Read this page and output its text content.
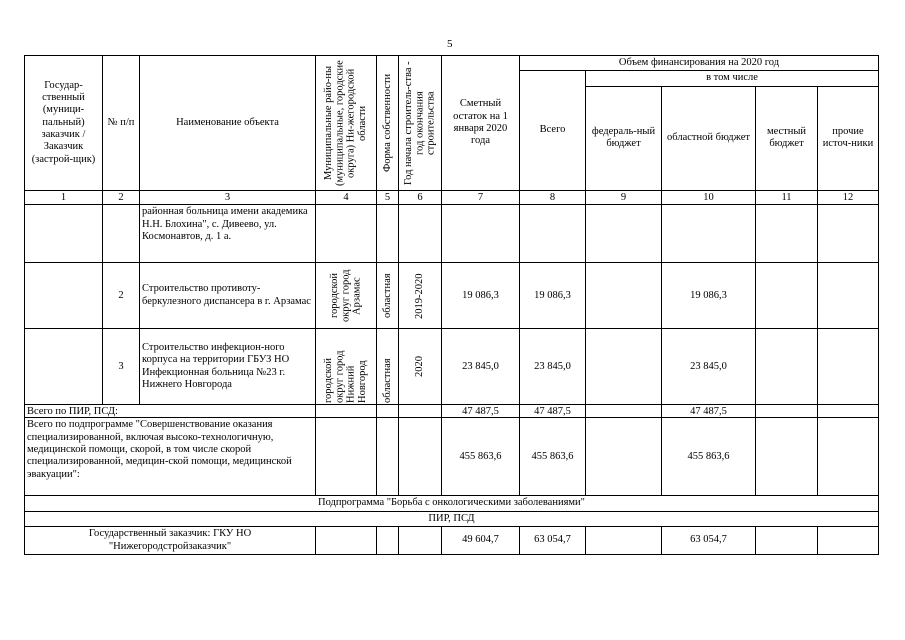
5
Государ-ственный (муници-пальный) заказчик / Заказчик (застрой-щик)	№ п/п	Наименование объекта	Муниципальные райо-ны (муниципальные, городские округа) Ни-жегородской области	Форма собственности	Год начала строитель-ства - год окончания строительства	Сметный остаток на 1 января 2020 года	Объем финансирования на 2020 год				
							Всего	в том числе			
								федераль-ный бюджет	областной бюджет	местный бюджет	прочие источ-ники
1	2	3	4	5	6	7	8	9	10	11	12
		районная больница имени академика Н.Н. Блохина", с. Дивеево, ул. Космонавтов, д. 1 а.									
	2	Строительство противоту-беркулезного диспансера в г. Арзамас	городской округ город Арзамас	областная	2019-2020	19 086,3	19 086,3		19 086,3		
	3	Строительство инфекцион-ного корпуса на территории ГБУЗ НО Инфекционная больница №23 г. Нижнего Новгорода	городской округ город Нижний Новгород	областная	2020	23 845,0	23 845,0		23 845,0		
Всего по ПИР, ПСД:						47 487,5	47 487,5		47 487,5		
Всего по подпрограмме "Совершенствование оказания специализированной, включая высоко-технологичную, медицинской помощи, скорой, в том числе скорой специализированной, медицин-ской помощи, медицинской эвакуации":						455 863,6	455 863,6		455 863,6		
Подпрограмма "Борьба с онкологическими заболеваниями"											
ПИР, ПСД											
Государственный заказчик: ГКУ НО "Нижегородстройзаказчик"						49 604,7	63 054,7		63 054,7		
